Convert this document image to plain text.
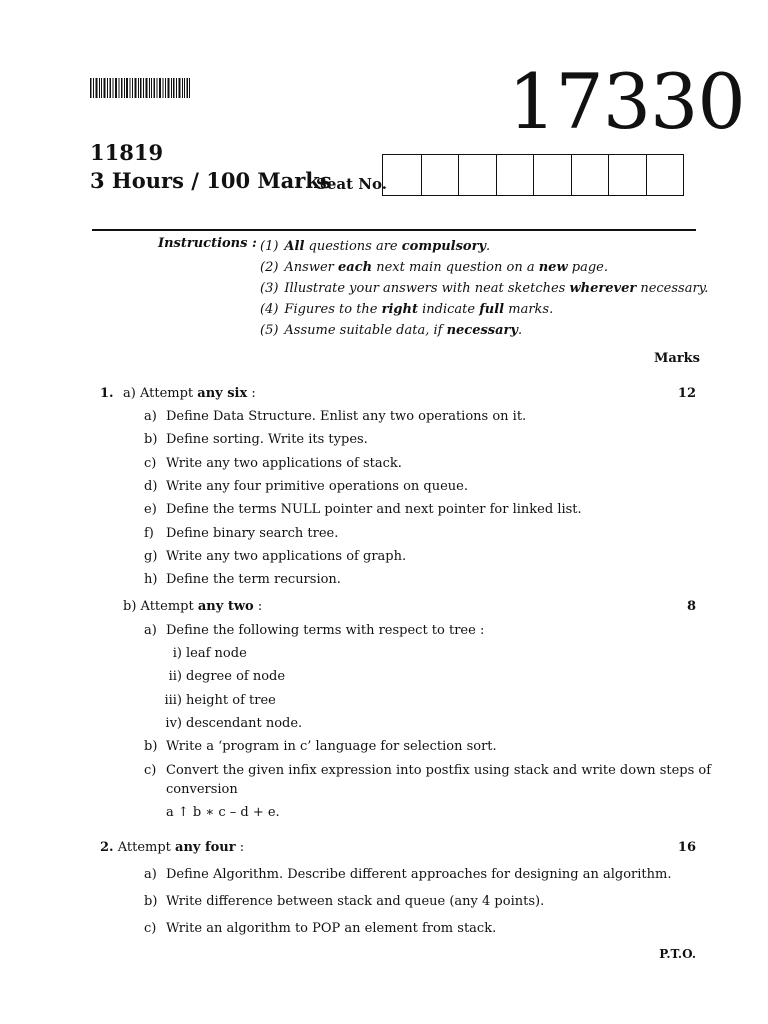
17330
11819
3 Hours / 100 Marks
Seat No.
Instructions : (1) All questions are compulsory.
(2) Answer each next main question on a new page.
(3) Illustrate your answers with neat sketches wherever necessary.
(4) Figures to the right indicate full marks.
(5) Assume suitable data, if necessary.
Marks
1. a) Attempt any six :	12
a) Define Data Structure. Enlist any two operations on it.
b) Define sorting. Write its types.
c) Write any two applications of stack.
d) Write any four primitive operations on queue.
e) Define the terms NULL pointer and next pointer for linked list.
f) Define binary search tree.
g) Write any two applications of graph.
h) Define the term recursion.
b) Attempt any two :	8
a) Define the following terms with respect to tree :
i) leaf node
ii) degree of node
iii) height of tree
iv) descendant node.
b) Write a ‘program in c’ language for selection sort.
c) Convert the given infix expression into postfix using stack and write down steps of
conversion
a ↑ b ∗ c – d + e.
2. Attempt any four :	16
a) Define Algorithm. Describe different approaches for designing an algorithm.
b) Write difference between stack and queue (any 4 points).
c) Write an algorithm to POP an element from stack.
P.T.O.
